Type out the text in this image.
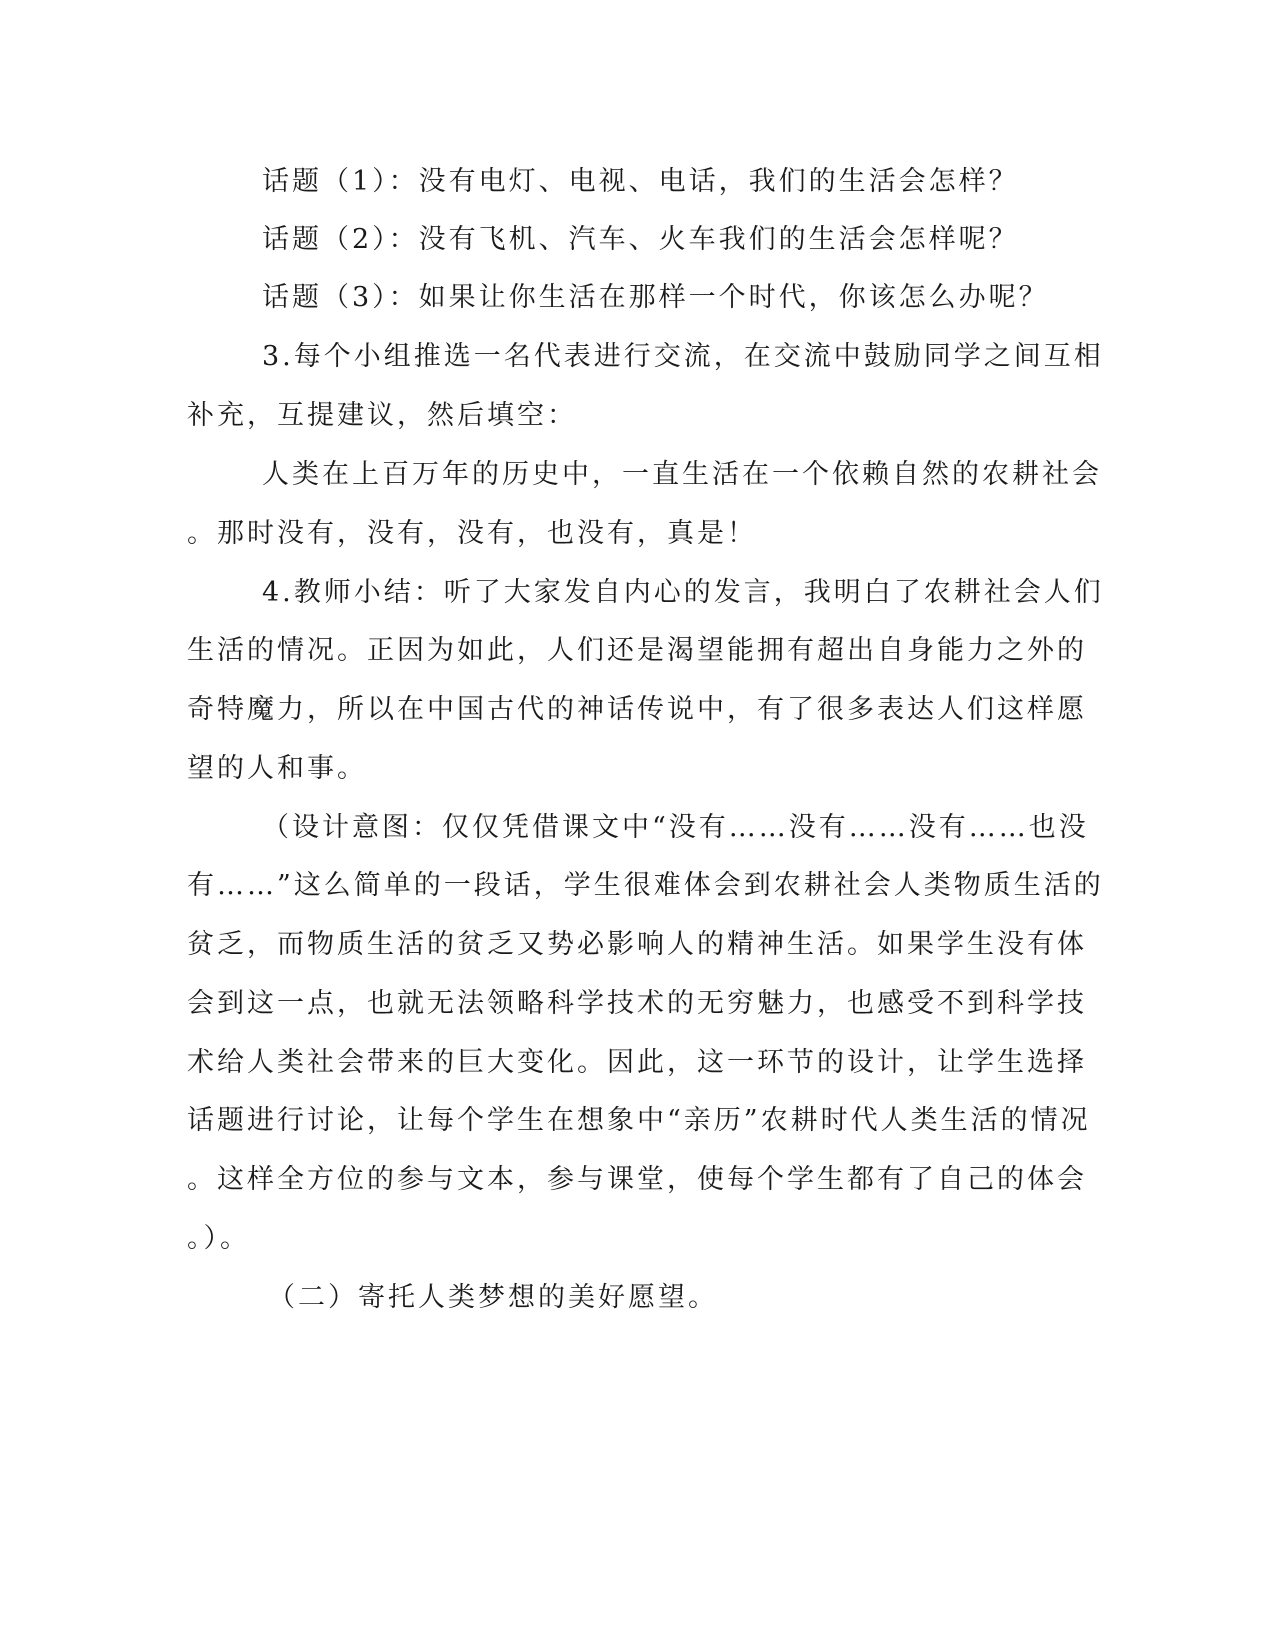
话题（1）：没有电灯、电视、电话，我们的生活会怎样？
话题（2）：没有飞机、汽车、火车我们的生活会怎样呢？
话题（3）：如果让你生活在那样一个时代，你该怎么办呢？
3.每个小组推选一名代表进行交流，在交流中鼓励同学之间互相
补充，互提建议，然后填空：
人类在上百万年的历史中，一直生活在一个依赖自然的农耕社会
。那时没有，没有，没有，也没有，真是！
4.教师小结：听了大家发自内心的发言，我明白了农耕社会人们
生活的情况。正因为如此，人们还是渴望能拥有超出自身能力之外的
奇特魔力，所以在中国古代的神话传说中，有了很多表达人们这样愿
望的人和事。
（设计意图：仅仅凭借课文中“没有……没有……没有……也没
有……”这么简单的一段话，学生很难体会到农耕社会人类物质生活的
贫乏，而物质生活的贫乏又势必影响人的精神生活。如果学生没有体
会到这一点，也就无法领略科学技术的无穷魅力，也感受不到科学技
术给人类社会带来的巨大变化。因此，这一环节的设计，让学生选择
话题进行讨论，让每个学生在想象中“亲历”农耕时代人类生活的情况
。这样全方位的参与文本，参与课堂，使每个学生都有了自己的体会
。）。
（二）寄托人类梦想的美好愿望。
